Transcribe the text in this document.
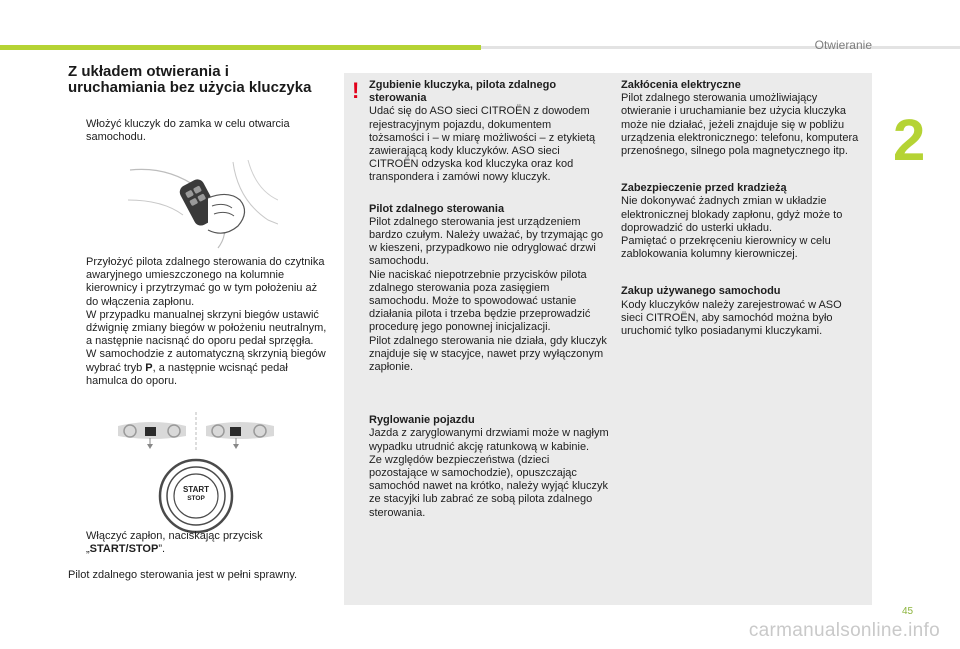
Otwieranie
2
Z układem otwierania i uruchamiania bez użycia kluczyka
Włożyć kluczyk do zamka w celu otwarcia samochodu.
Przyłożyć pilota zdalnego sterowania do czytnika awaryjnego umieszczonego na kolumnie kierownicy i przytrzymać go w tym położeniu aż do włączenia zapłonu.
W przypadku manualnej skrzyni biegów ustawić dźwignię zmiany biegów w położeniu neutralnym, a następnie nacisnąć do oporu pedał sprzęgła.
W samochodzie z automatyczną skrzynią biegów wybrać tryb P, a następnie wcisnąć pedał hamulca do oporu.
START
STOP
Włączyć zapłon, naciskając przycisk „START/STOP”.
Pilot zdalnego sterowania jest w pełni sprawny.
! Zgubienie kluczyka, pilota zdalnego sterowania
Udać się do ASO sieci CITROËN z dowodem rejestracyjnym pojazdu, dokumentem tożsamości i – w miarę możliwości – z etykietą zawierającą kody kluczyków. ASO sieci CITROËN odzyska kod kluczyka oraz kod transpondera i zamówi nowy kluczyk.
Pilot zdalnego sterowania
Pilot zdalnego sterowania jest urządzeniem bardzo czułym. Należy uważać, by trzymając go w kieszeni, przypadkowo nie odryglować drzwi samochodu.
Nie naciskać niepotrzebnie przycisków pilota zdalnego sterowania poza zasięgiem samochodu. Może to spowodować ustanie działania pilota i trzeba będzie przeprowadzić procedurę jego ponownej inicjalizacji.
Pilot zdalnego sterowania nie działa, gdy kluczyk znajduje się w stacyjce, nawet przy wyłączonym zapłonie.
Ryglowanie pojazdu
Jazda z zaryglowanymi drzwiami może w nagłym wypadku utrudnić akcję ratunkową w kabinie.
Ze względów bezpieczeństwa (dzieci pozostające w samochodzie), opuszczając samochód nawet na krótko, należy wyjąć kluczyk ze stacyjki lub zabrać ze sobą pilota zdalnego sterowania.
Zakłócenia elektryczne
Pilot zdalnego sterowania umożliwiający otwieranie i uruchamianie bez użycia kluczyka może nie działać, jeżeli znajduje się w pobliżu urządzenia elektronicznego: telefonu, komputera przenośnego, silnego pola magnetycznego itp.
Zabezpieczenie przed kradzieżą
Nie dokonywać żadnych zmian w układzie elektronicznej blokady zapłonu, gdyż może to doprowadzić do usterki układu.
Pamiętać o przekręceniu kierownicy w celu zablokowania kolumny kierowniczej.
Zakup używanego samochodu
Kody kluczyków należy zarejestrować w ASO sieci CITROËN, aby samochód można było uruchomić tylko posiadanymi kluczykami.
45
carmanualsonline.info
